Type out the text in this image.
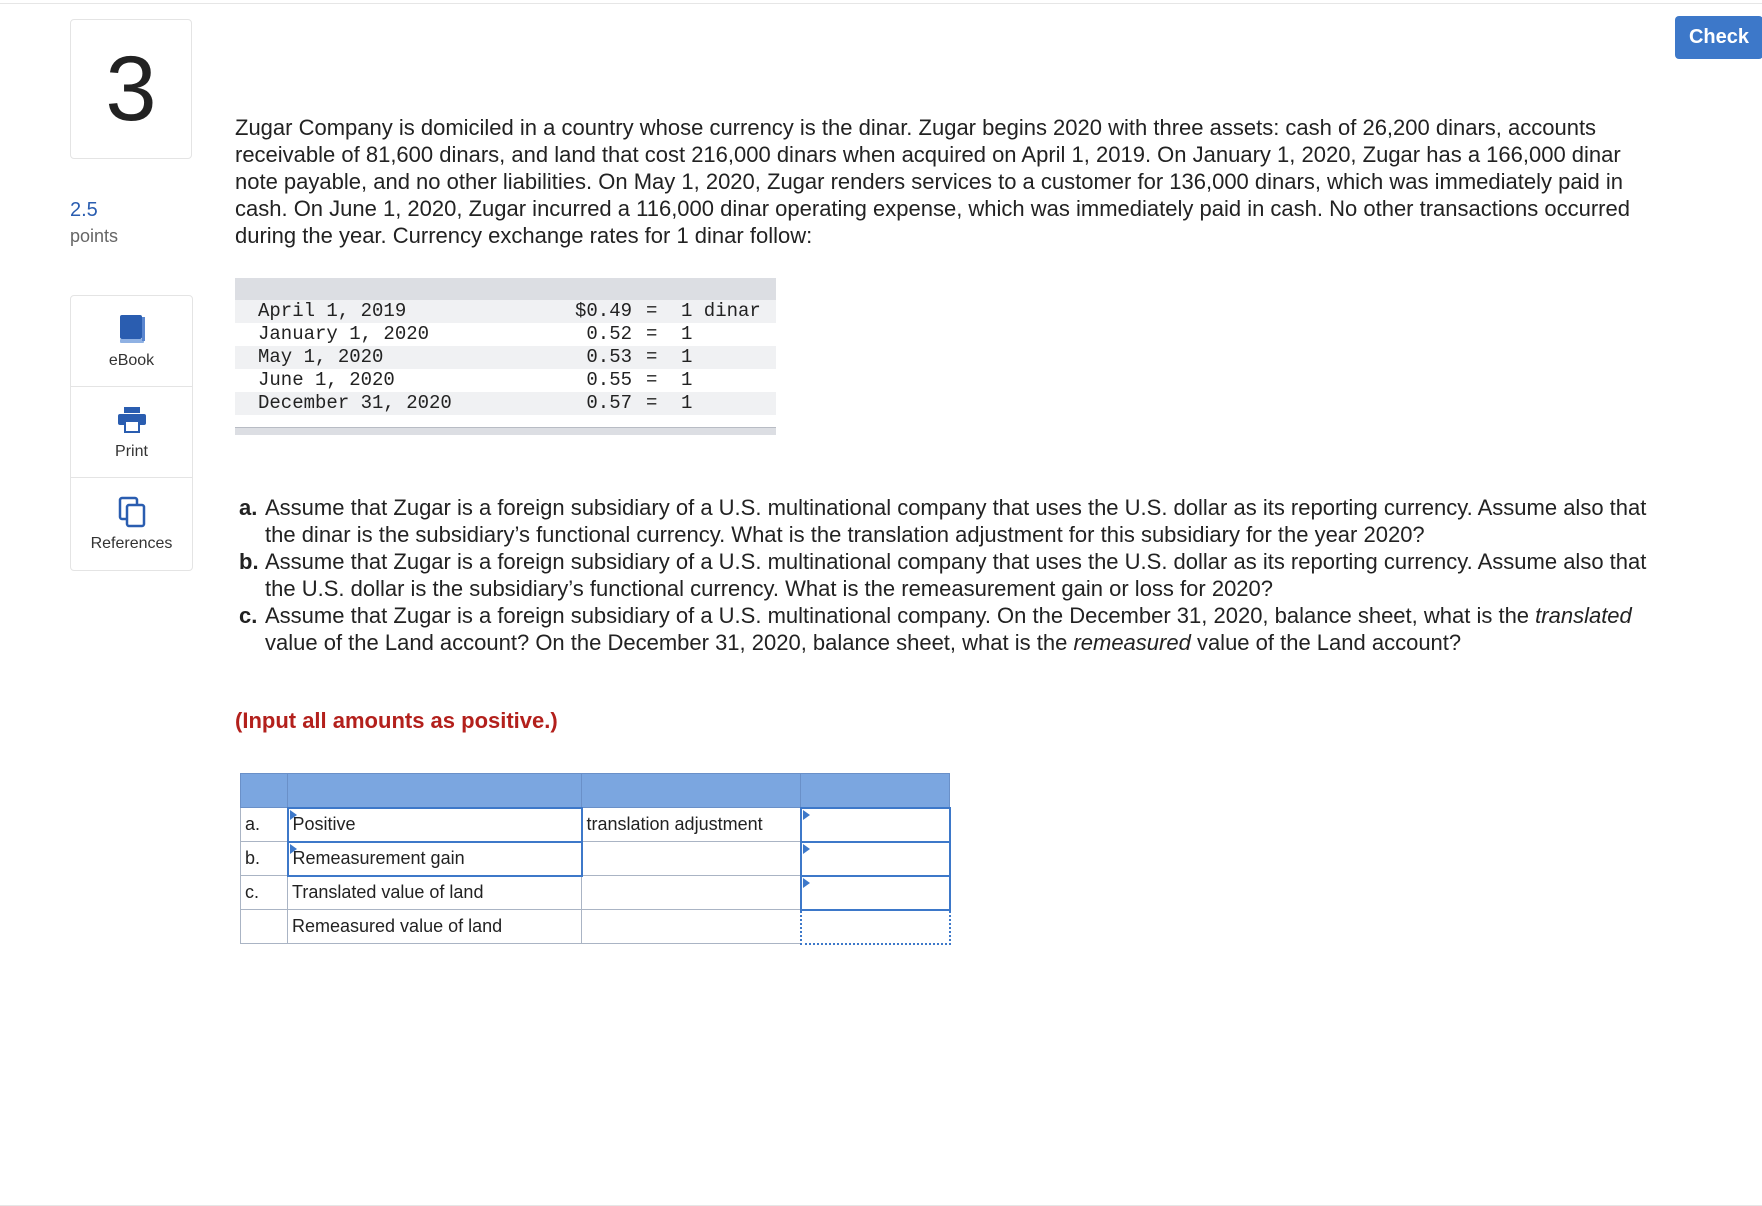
3
2.5
points
eBook
Print
References
Check
Zugar Company is domiciled in a country whose currency is the dinar. Zugar begins 2020 with three assets: cash of 26,200 dinars, accounts receivable of 81,600 dinars, and land that cost 216,000 dinars when acquired on April 1, 2019. On January 1, 2020, Zugar has a 166,000 dinar note payable, and no other liabilities. On May 1, 2020, Zugar renders services to a customer for 136,000 dinars, which was immediately paid in cash. On June 1, 2020, Zugar incurred a 116,000 dinar operating expense, which was immediately paid in cash. No other transactions occurred during the year. Currency exchange rates for 1 dinar follow:
April 1, 2019	$0.49 = 1 dinar
January 1, 2020	0.52 = 1
May 1, 2020	0.53 = 1
June 1, 2020	0.55 = 1
December 31, 2020	0.57 = 1
a. Assume that Zugar is a foreign subsidiary of a U.S. multinational company that uses the U.S. dollar as its reporting currency. Assume also that the dinar is the subsidiary’s functional currency. What is the translation adjustment for this subsidiary for the year 2020?
b. Assume that Zugar is a foreign subsidiary of a U.S. multinational company that uses the U.S. dollar as its reporting currency. Assume also that the U.S. dollar is the subsidiary’s functional currency. What is the remeasurement gain or loss for 2020?
c. Assume that Zugar is a foreign subsidiary of a U.S. multinational company. On the December 31, 2020, balance sheet, what is the translated value of the Land account? On the December 31, 2020, balance sheet, what is the remeasured value of the Land account?
(Input all amounts as positive.)

a.	Positive	translation adjustment	

b.	Remeasurement gain		

c.	Translated value of land		

	Remeasured value of land		
